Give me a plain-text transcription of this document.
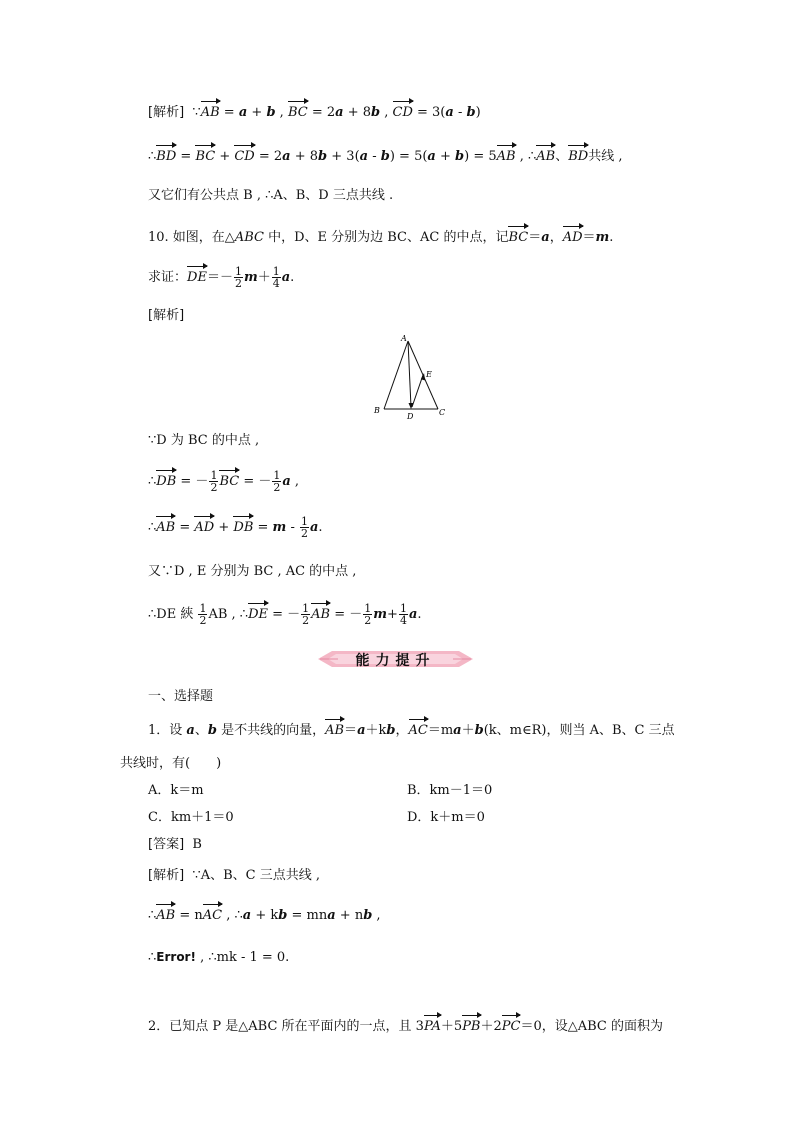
[解析] ∵AB = a + b , BC = 2a + 8b , CD = 3(a - b)
∴BD = BC + CD = 2a + 8b + 3(a - b) = 5(a + b) = 5AB , ∴AB、BD共线 ,
又它们有公共点 B , ∴A、B、D 三点共线 .
10. 如图，在△ABC 中，D、E 分别为边 BC、AC 的中点，记BC＝a，AD＝m.
求证：$DE=- \frac{1}{2} m+ \frac{1}{4} a$.
[解析]
A
B	C
D
E
∵D 为 BC 的中点 ,
∴DB = － $\frac{1}{2}$ BC = － $\frac{1}{2}$ a ,
∴AB = AD + DB = m - $\frac{1}{2} a$.
又∵D , E 分别为 BC , AC 的中点 ,
∴DE 綊 $\frac{1}{2}$ AB , ∴DE = － $\frac{1}{2}$ AB = － $\frac{1}{2} m+ \frac{1}{4} a$.
能力提升
一、选择题
1．设 a、b 是不共线的向量，AB＝a＋kb，AC＝ma＋b(k、m∈R)，则当 A、B、C 三点
共线时，有(　　)
A．k＝m	B．km－1＝0
C．km＋1＝0	D．k＋m＝0
[答案] B
[解析] ∵A、B、C 三点共线 ,
∴AB = nAC , ∴a + kb = mna + nb ,
∴Error! , ∴mk - 1 = 0.
2．已知点 P 是△ABC 所在平面内的一点，且 3PA＋5PB＋2PC＝0，设△ABC 的面积为
